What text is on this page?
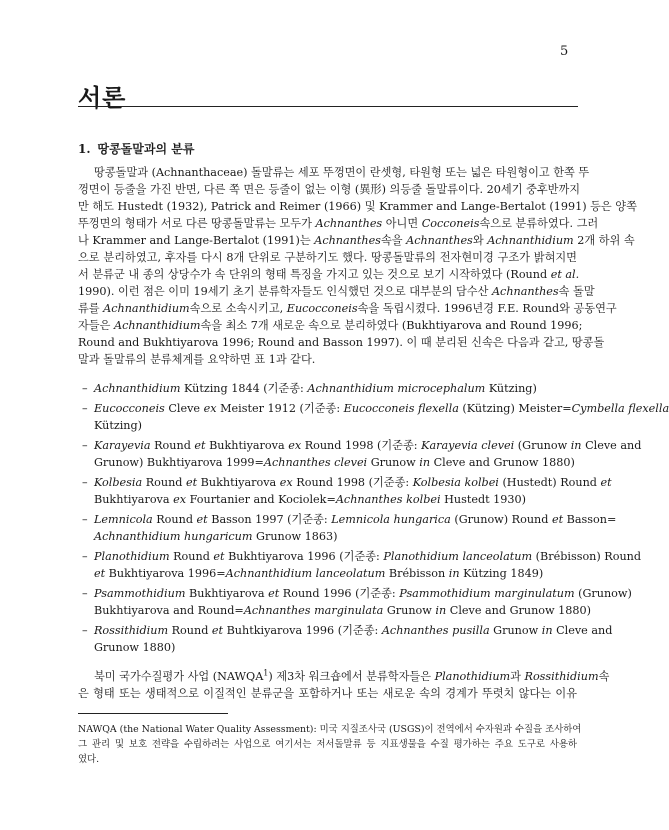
5
서론
1. 땅콩돌말과의 분류
땅콩돌말과 (Achnanthaceae) 돌말류는 세포 뚜껑면이 란셋형, 타원형 또는 넓은 타원형이고 한쪽 뚜
껑면이 등줄을 가진 반면, 다른 쪽 면은 등줄이 없는 이형 (異形) 의등줄 돌말류이다. 20세기 중후반까지
만 해도 Hustedt (1932), Patrick and Reimer (1966) 및 Krammer and Lange-Bertalot (1991) 등은 양쪽
뚜껑면의 형태가 서로 다른 땅콩돌말류는 모두가 Achnanthes 아니면 Cocconeis속으로 분류하였다. 그러
나 Krammer and Lange-Bertalot (1991)는 Achnanthes속을 Achnanthes와 Achnanthidium 2개 하위 속
으로 분리하였고, 후자를 다시 8개 단위로 구분하기도 했다. 땅콩돌말류의 전자현미경 구조가 밝혀지면
서 분류군 내 종의 상당수가 속 단위의 형태 특징을 가지고 있는 것으로 보기 시작하였다 (Round et al.
1990). 이런 점은 이미 19세기 초기 분류학자들도 인식했던 것으로 대부분의 담수산 Achnanthes속 돌말
류를 Achnanthidium속으로 소속시키고, Eucocconeis속을 독립시켰다. 1996년경 F.E. Round와 공동연구
자들은 Achnanthidium속을 최소 7개 새로운 속으로 분리하였다 (Bukhtiyarova and Round 1996;
Round and Bukhtiyarova 1996; Round and Basson 1997). 이 때 분리된 신속은 다음과 같고, 땅콩돌
말과 돌말류의 분류체계를 요약하면 표 1과 같다.
– Achnanthidium Kützing 1844 (기준종: Achnanthidium microcephalum Kützing)
– Eucocconeis Cleve ex Meister 1912 (기준종: Eucocconeis flexella (Kützing) Meister=Cymbella flexella
Kützing)
– Karayevia Round et Bukhtiyarova ex Round 1998 (기준종: Karayevia clevei (Grunow in Cleve and
Grunow) Bukhtiyarova 1999=Achnanthes clevei Grunow in Cleve and Grunow 1880)
– Kolbesia Round et Bukhtiyarova ex Round 1998 (기준종: Kolbesia kolbei (Hustedt) Round et
Bukhtiyarova ex Fourtanier and Kociolek=Achnanthes kolbei Hustedt 1930)
– Lemnicola Round et Basson 1997 (기준종: Lemnicola hungarica (Grunow) Round et Basson=
Achnanthidium hungaricum Grunow 1863)
– Planothidium Round et Bukhtiyarova 1996 (기준종: Planothidium lanceolatum (Brébisson) Round
et Bukhtiyarova 1996=Achnanthidium lanceolatum Brébisson in Kützing 1849)
– Psammothidium Bukhtiyarova et Round 1996 (기준종: Psammothidium marginulatum (Grunow)
Bukhtiyarova and Round=Achnanthes marginulata Grunow in Cleve and Grunow 1880)
– Rossithidium Round et Buhtkiyarova 1996 (기준종: Achnanthes pusilla Grunow in Cleve and
Grunow 1880)
북미 국가수질평가 사업 (NAWQA$^1$) 제3차 워크숍에서 분류학자들은 Planothidium과 Rossithidium속
은 형태 또는 생태적으로 이질적인 분류군을 포함하거나 또는 새로운 속의 경계가 뚜렷치 않다는 이유
NAWQA (the National Water Quality Assessment): 미국 지질조사국 (USGS)이 전역에서 수자원과 수질을 조사하여
그 관리 및 보호 전략을 수립하려는 사업으로 여기서는 저서돌말류 등 지표생물을 수질 평가하는 주요 도구로 사용하
였다.
